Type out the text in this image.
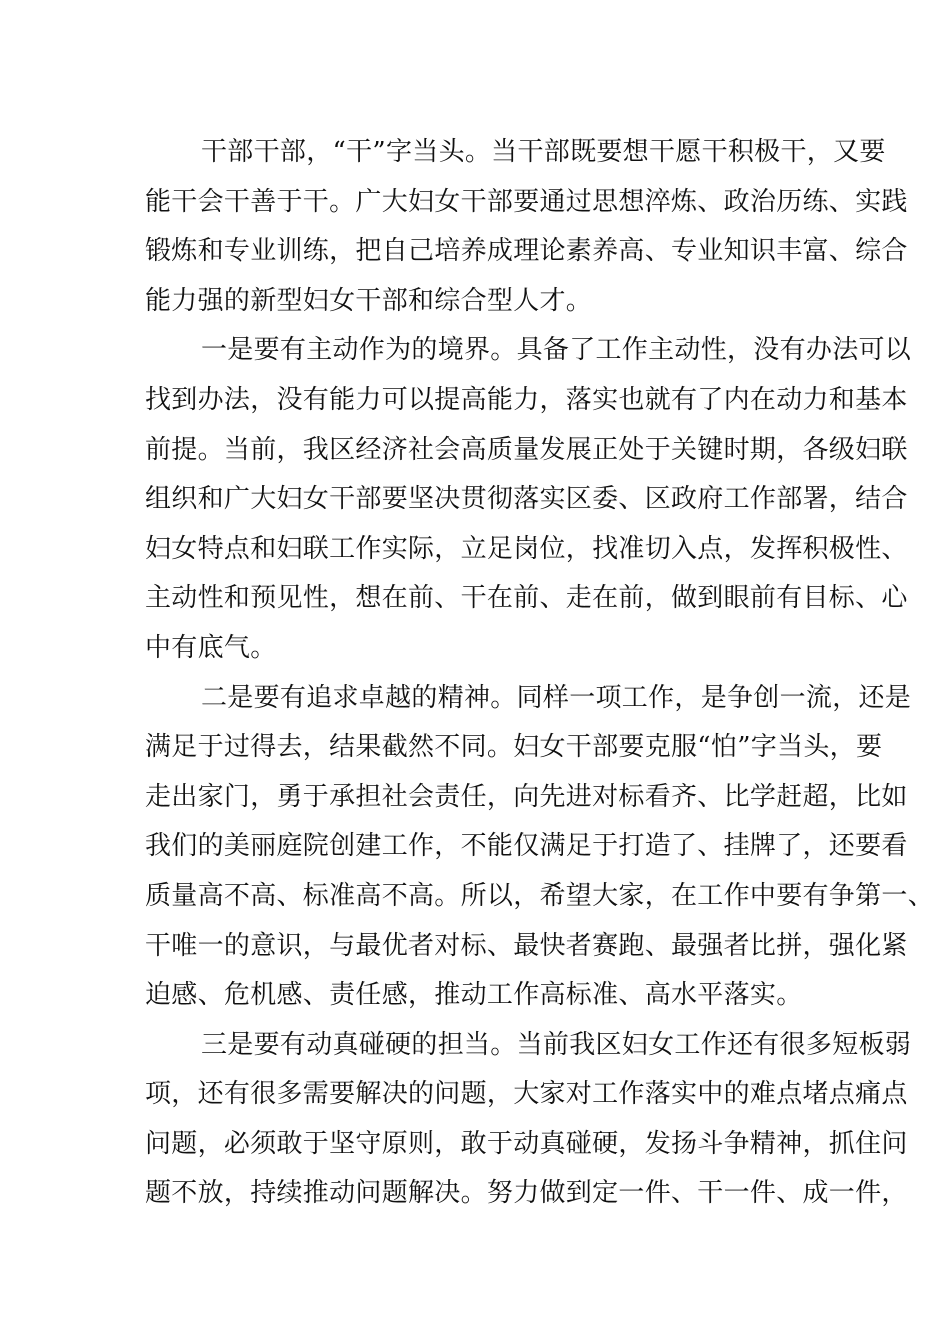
干部干部，“干”字当头。当干部既要想干愿干积极干，又要
能干会干善于干。广大妇女干部要通过思想淬炼、政治历练、实践
锻炼和专业训练，把自己培养成理论素养高、专业知识丰富、综合
能力强的新型妇女干部和综合型人才。

一是要有主动作为的境界。具备了工作主动性，没有办法可以
找到办法，没有能力可以提高能力，落实也就有了内在动力和基本
前提。当前，我区经济社会高质量发展正处于关键时期，各级妇联
组织和广大妇女干部要坚决贯彻落实区委、区政府工作部署，结合
妇女特点和妇联工作实际，立足岗位，找准切入点，发挥积极性、
主动性和预见性，想在前、干在前、走在前，做到眼前有目标、心
中有底气。

二是要有追求卓越的精神。同样一项工作，是争创一流，还是
满足于过得去，结果截然不同。妇女干部要克服“怕”字当头，要
走出家门，勇于承担社会责任，向先进对标看齐、比学赶超，比如
我们的美丽庭院创建工作，不能仅满足于打造了、挂牌了，还要看
质量高不高、标准高不高。所以，希望大家，在工作中要有争第一、
干唯一的意识，与最优者对标、最快者赛跑、最强者比拼，强化紧
迫感、危机感、责任感，推动工作高标准、高水平落实。

三是要有动真碰硬的担当。当前我区妇女工作还有很多短板弱
项，还有很多需要解决的问题，大家对工作落实中的难点堵点痛点
问题，必须敢于坚守原则，敢于动真碰硬，发扬斗争精神，抓住问
题不放，持续推动问题解决。努力做到定一件、干一件、成一件，
